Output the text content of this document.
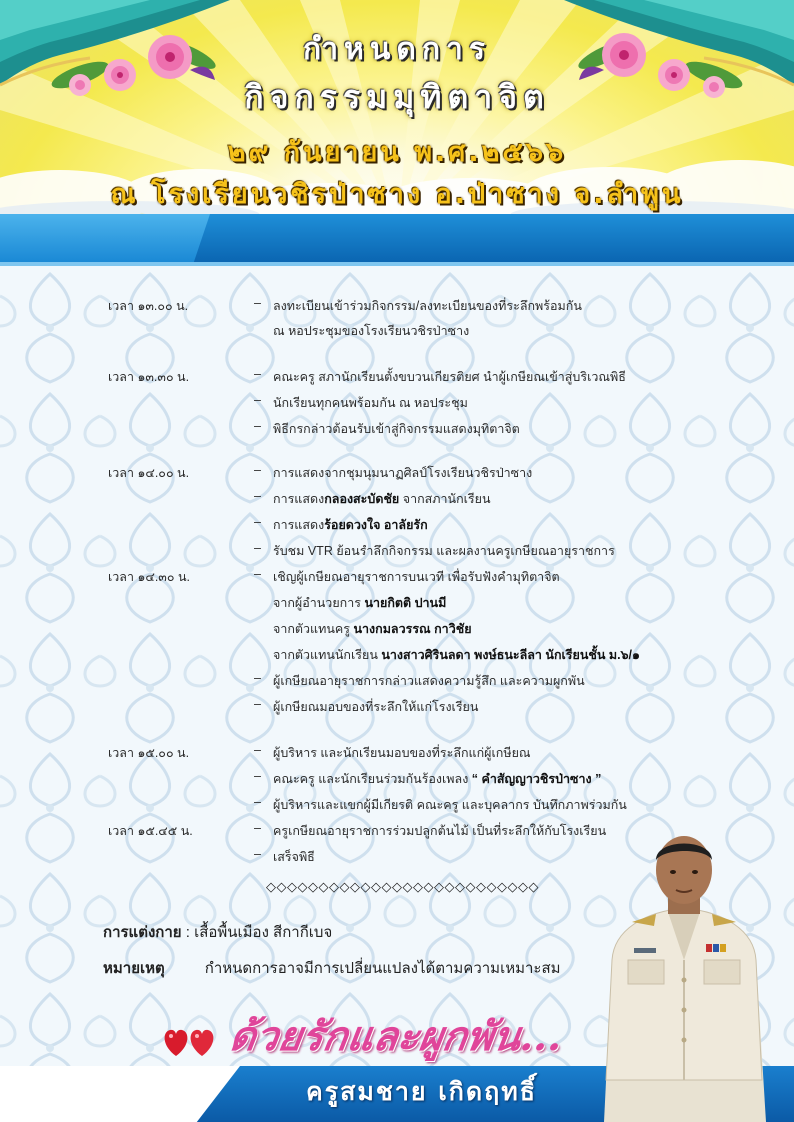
กำหนดการ
กิจกรรมมุทิตาจิต
๒๙ กันยายน พ.ศ.๒๕๖๖
ณ โรงเรียนวชิรป่าซาง อ.ป่าซาง จ.ลำพูน
เวลา ๑๓.๐๐ น.	– ลงทะเบียนเข้าร่วมกิจกรรม/ลงทะเบียนของที่ระลึกพร้อมกัน
ณ หอประชุมของโรงเรียนวชิรป่าซาง
เวลา ๑๓.๓๐ น.	– คณะครู สภานักเรียนตั้งขบวนเกียรติยศ นำผู้เกษียณเข้าสู่บริเวณพิธี
– นักเรียนทุกคนพร้อมกัน ณ หอประชุม
– พิธีกรกล่าวต้อนรับเข้าสู่กิจกรรมแสดงมุทิตาจิต
เวลา ๑๔.๐๐ น.	– การแสดงจากชุมนุมนาฏศิลป์โรงเรียนวชิรป่าซาง
– การแสดงกลองสะบัดชัย จากสภานักเรียน
– การแสดงร้อยดวงใจ อาลัยรัก
– รับชม VTR ย้อนรำลึกกิจกรรม และผลงานครูเกษียณอายุราชการ
เวลา ๑๔.๓๐ น.	– เชิญผู้เกษียณอายุราชการบนเวที เพื่อรับฟังคำมุทิตาจิต
จากผู้อำนวยการ นายกิตติ ปานมี
จากตัวแทนครู นางกมลวรรณ กาวิชัย
จากตัวแทนนักเรียน นางสาวศิรินลดา พงษ์ธนะลีลา นักเรียนชั้น ม.๖/๑
– ผู้เกษียณอายุราชการกล่าวแสดงความรู้สึก และความผูกพัน
– ผู้เกษียณมอบของที่ระลึกให้แก่โรงเรียน
เวลา ๑๕.๐๐ น.	– ผู้บริหาร และนักเรียนมอบของที่ระลึกแก่ผู้เกษียณ
– คณะครู และนักเรียนร่วมกันร้องเพลง “ คำสัญญาวชิรป่าซาง ”
– ผู้บริหารและแขกผู้มีเกียรติ คณะครู และบุคลากร บันทึกภาพร่วมกัน
เวลา ๑๕.๔๕ น.	– ครูเกษียณอายุราชการร่วมปลูกต้นไม้ เป็นที่ระลึกให้กับโรงเรียน
– เสร็จพิธี
◇◇◇◇◇◇◇◇◇◇◇◇◇◇◇◇◇◇◇◇◇◇◇◇◇◇
การแต่งกาย : เสื้อพื้นเมือง สีกากีเบจ
หมายเหตุ	กำหนดการอาจมีการเปลี่ยนแปลงได้ตามความเหมาะสม
ด้วยรักและผูกพัน...
ครูสมชาย เกิดฤทธิ์
